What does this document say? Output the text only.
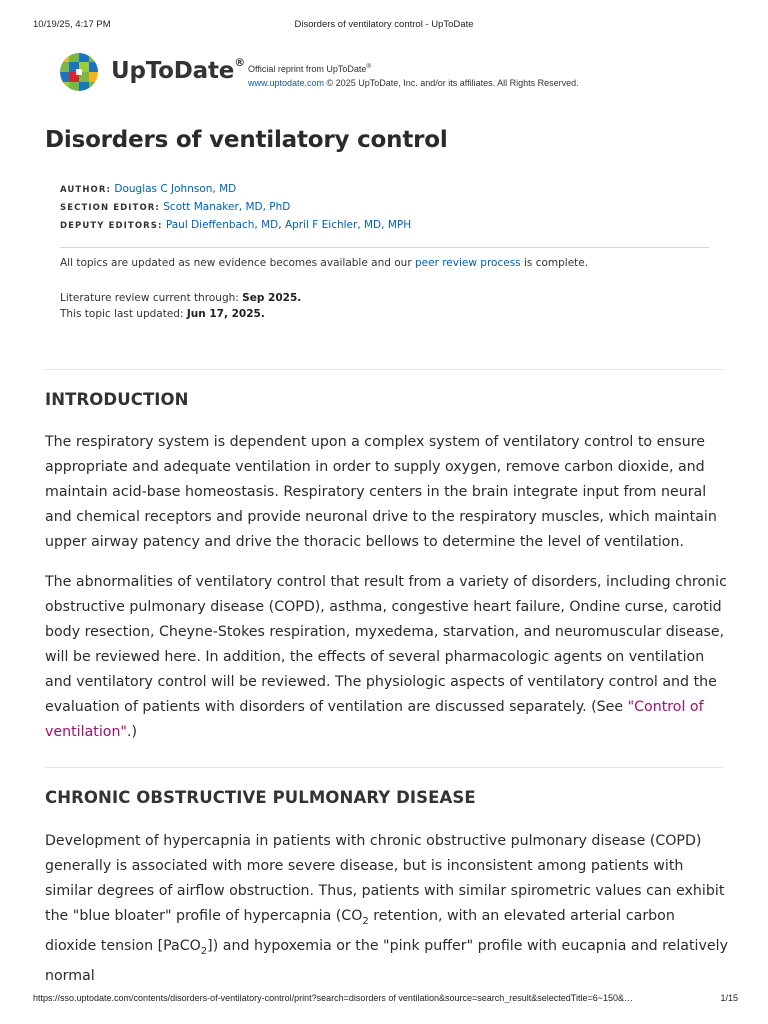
10/19/25, 4:17 PM	Disorders of ventilatory control - UpToDate
UpToDate® Official reprint from UpToDate®
www.uptodate.com © 2025 UpToDate, Inc. and/or its affiliates. All Rights Reserved.
Disorders of ventilatory control
AUTHOR: Douglas C Johnson, MD
SECTION EDITOR: Scott Manaker, MD, PhD
DEPUTY EDITORS: Paul Dieffenbach, MD, April F Eichler, MD, MPH
All topics are updated as new evidence becomes available and our peer review process is complete.
Literature review current through: Sep 2025.
This topic last updated: Jun 17, 2025.
INTRODUCTION

The respiratory system is dependent upon a complex system of ventilatory control to ensure appropriate and adequate ventilation in order to supply oxygen, remove carbon dioxide, and maintain acid-base homeostasis. Respiratory centers in the brain integrate input from neural and chemical receptors and provide neuronal drive to the respiratory muscles, which maintain upper airway patency and drive the thoracic bellows to determine the level of ventilation.

The abnormalities of ventilatory control that result from a variety of disorders, including chronic obstructive pulmonary disease (COPD), asthma, congestive heart failure, Ondine curse, carotid body resection, Cheyne-Stokes respiration, myxedema, starvation, and neuromuscular disease, will be reviewed here. In addition, the effects of several pharmacologic agents on ventilation and ventilatory control will be reviewed. The physiologic aspects of ventilatory control and the evaluation of patients with disorders of ventilation are discussed separately. (See "Control of ventilation".)

CHRONIC OBSTRUCTIVE PULMONARY DISEASE

Development of hypercapnia in patients with chronic obstructive pulmonary disease (COPD) generally is associated with more severe disease, but is inconsistent among patients with similar degrees of airflow obstruction. Thus, patients with similar spirometric values can exhibit the "blue bloater" profile of hypercapnia ($CO_2$ retention, with an elevated arterial carbon dioxide tension [PaCO$_2$]) and hypoxemia or the "pink puffer" profile with eucapnia and relatively normal

https://sso.uptodate.com/contents/disorders-of-ventilatory-control/print?search=disorders of ventilation&source=search_result&selectedTitle=6~150&…	1/15
